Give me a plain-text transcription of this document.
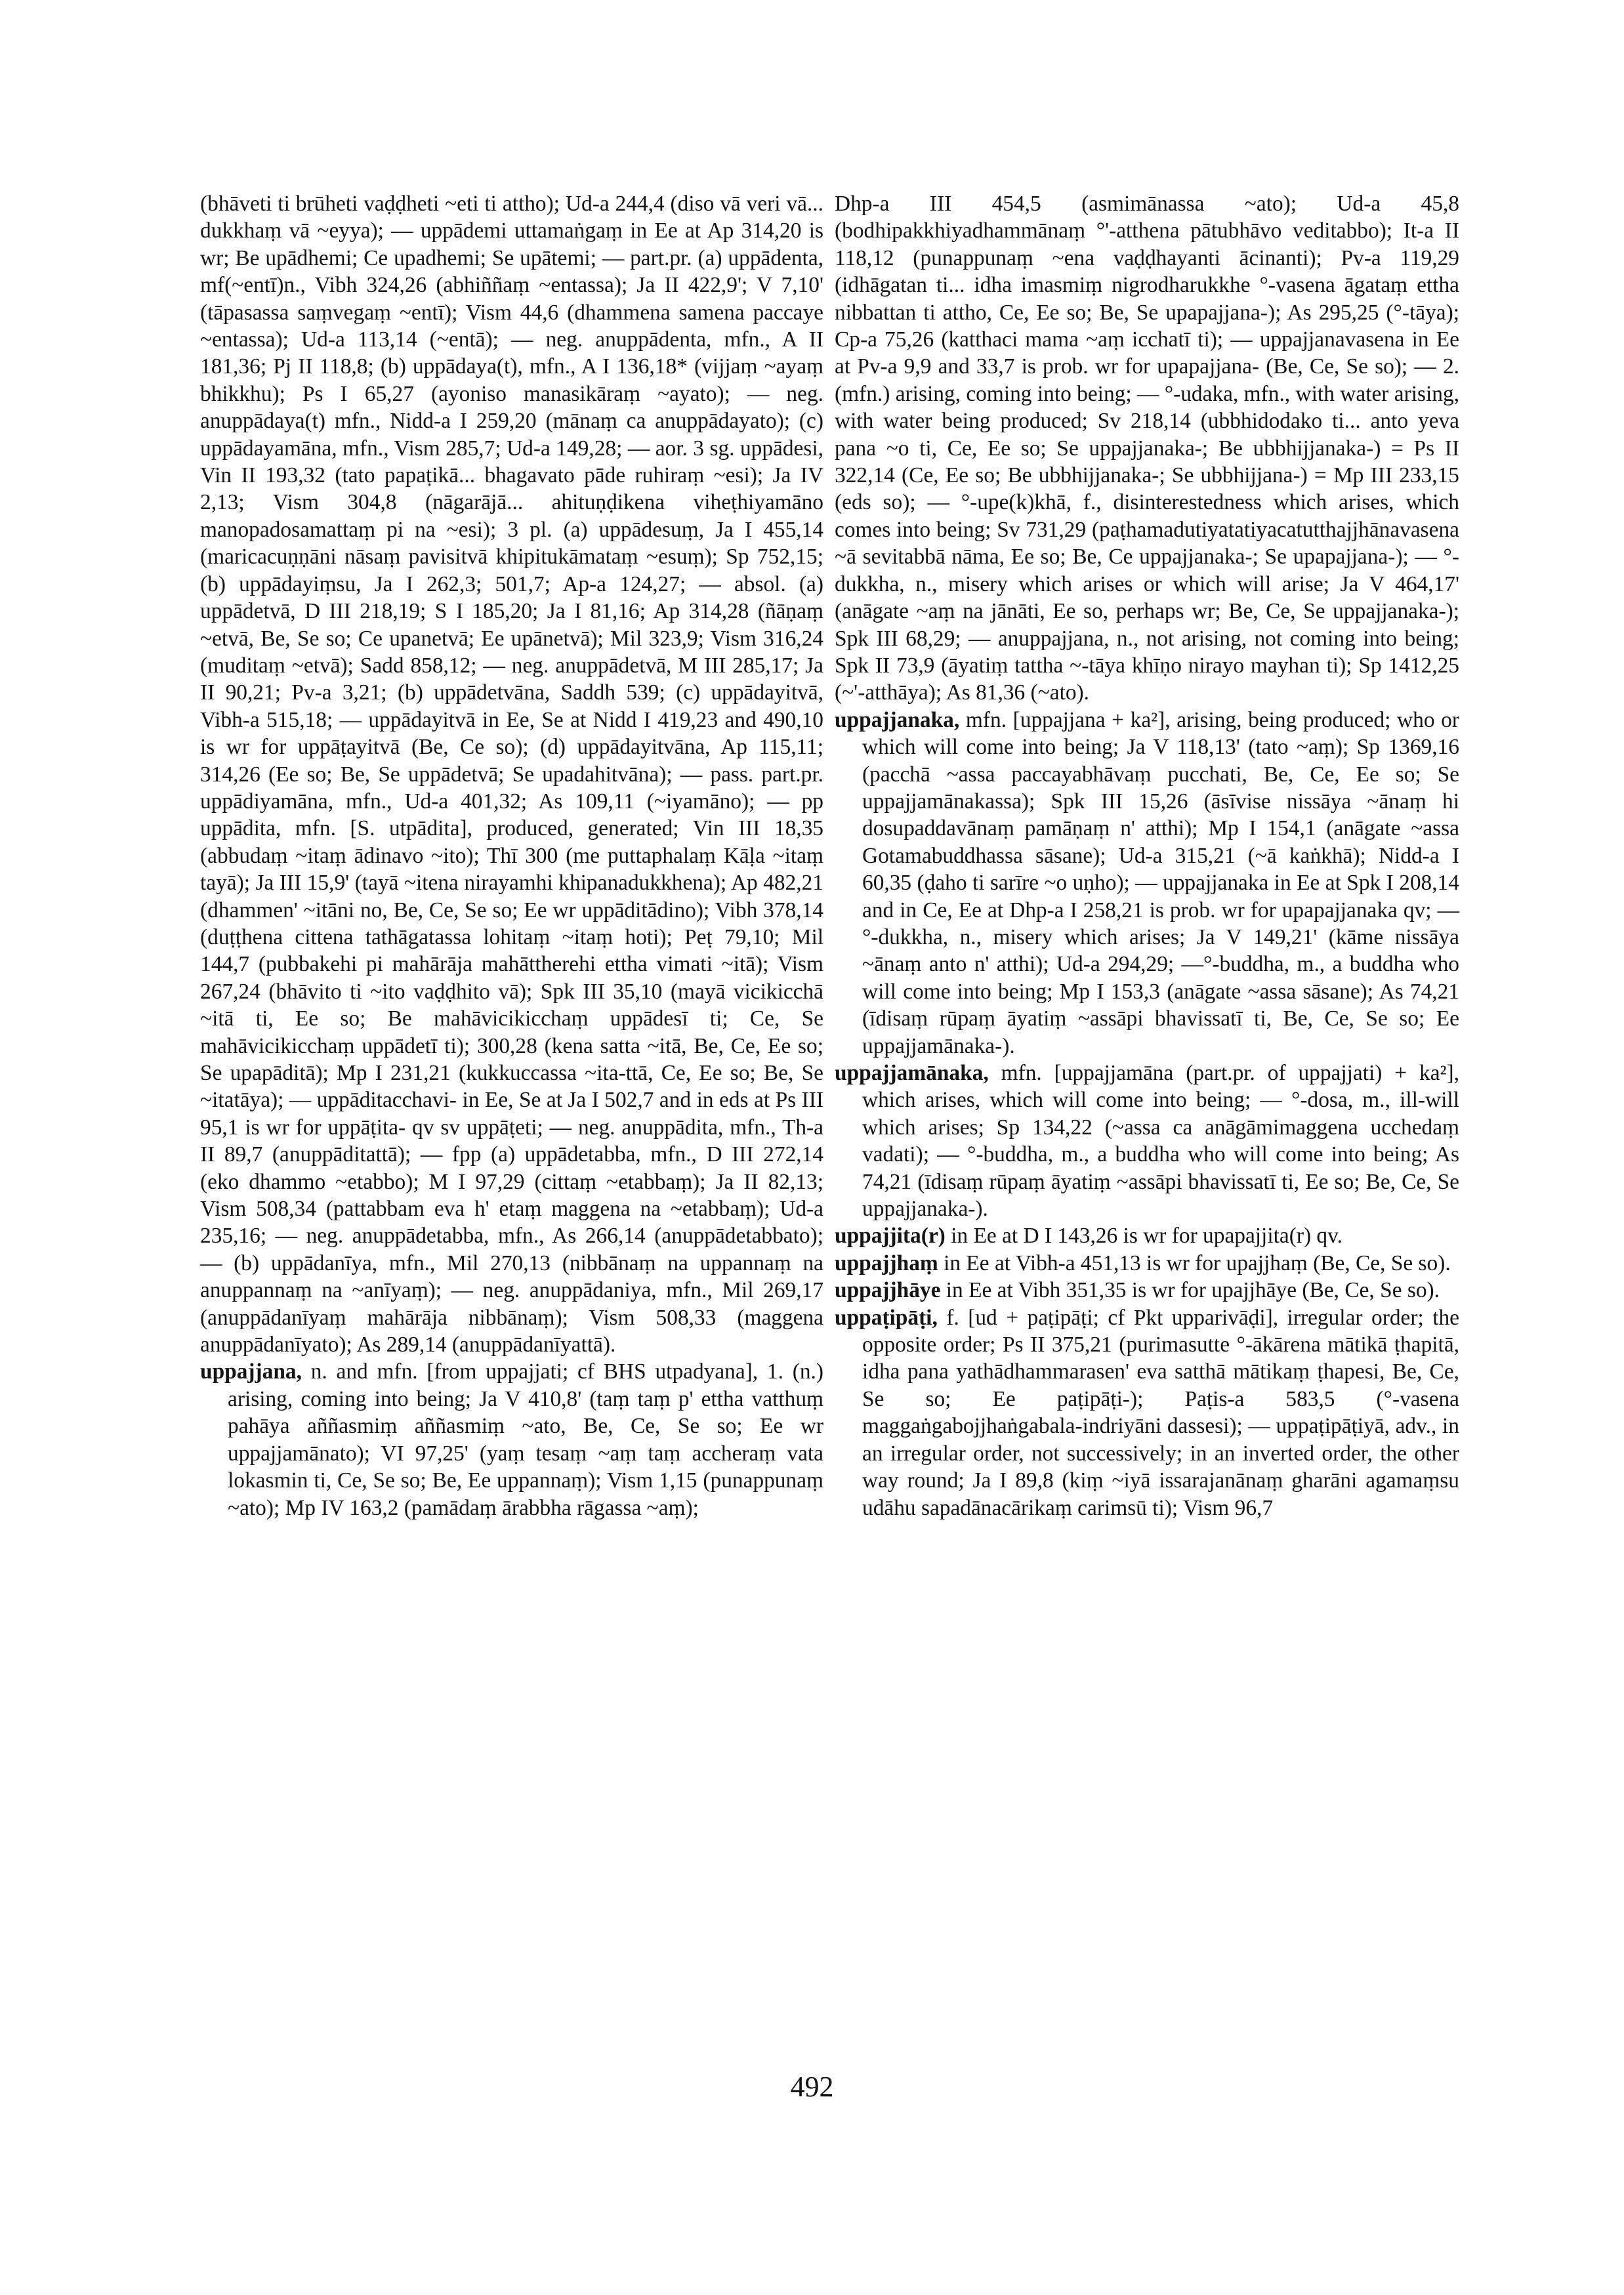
(bhāveti ti brūheti vaḍḍheti ~eti ti attho); Ud-a 244,4 (diso vā veri vā... dukkhaṃ vā ~eyya); — uppādemi uttamaṅgaṃ in Ee at Ap 314,20 is wr; Be upādhemi; Ce upadhemi; Se upātemi; — part.pr. (a) uppādenta, mf(~entī)n., Vibh 324,26 (abhiññaṃ ~entassa); Ja II 422,9'; V 7,10' (tāpasassa saṃvegaṃ ~entī); Vism 44,6 (dhammena samena paccaye ~entassa); Ud-a 113,14 (~entā); — neg. anuppādenta, mfn., A II 181,36; Pj II 118,8; (b) uppādaya(t), mfn., A I 136,18* (vijjaṃ ~ayaṃ bhikkhu); Ps I 65,27 (ayoniso manasikāraṃ ~ayato); — neg. anuppādaya(t) mfn., Nidd-a I 259,20 (mānaṃ ca anuppādayato); (c) uppādayamāna, mfn., Vism 285,7; Ud-a 149,28; — aor. 3 sg. uppādesi, Vin II 193,32 (tato papaṭikā... bhagavato pāde ruhiraṃ ~esi); Ja IV 2,13; Vism 304,8 (nāgarājā... ahituṇḍikena viheṭhiyamāno manopadosamattaṃ pi na ~esi); 3 pl. (a) uppādesuṃ, Ja I 455,14 (maricacuṇṇāni nāsaṃ pavisitvā khipitukāmataṃ ~esuṃ); Sp 752,15; (b) uppādayiṃsu, Ja I 262,3; 501,7; Ap-a 124,27; — absol. (a) uppādetvā, D III 218,19; S I 185,20; Ja I 81,16; Ap 314,28 (ñāṇaṃ ~etvā, Be, Se so; Ce upanetvā; Ee upānetvā); Mil 323,9; Vism 316,24 (muditaṃ ~etvā); Sadd 858,12; — neg. anuppādetvā, M III 285,17; Ja II 90,21; Pv-a 3,21; (b) uppādetvāna, Saddh 539; (c) uppādayitvā, Vibh-a 515,18; — uppādayitvā in Ee, Se at Nidd I 419,23 and 490,10 is wr for uppāṭayitvā (Be, Ce so); (d) uppādayitvāna, Ap 115,11; 314,26 (Ee so; Be, Se uppādetvā; Se upadahitvāna); — pass. part.pr. uppādiyamāna, mfn., Ud-a 401,32; As 109,11 (~iyamāno); — pp uppādita, mfn. [S. utpādita], produced, generated; Vin III 18,35 (abbudaṃ ~itaṃ ādinavo ~ito); Thī 300 (me puttaphalaṃ Kāḷa ~itaṃ tayā); Ja III 15,9' (tayā ~itena nirayamhi khipanadukkhena); Ap 482,21 (dhammen' ~itāni no, Be, Ce, Se so; Ee wr uppāditādino); Vibh 378,14 (duṭṭhena cittena tathāgatassa lohitaṃ ~itaṃ hoti); Peṭ 79,10; Mil 144,7 (pubbakehi pi mahārāja mahāttherehi ettha vimati ~itā); Vism 267,24 (bhāvito ti ~ito vaḍḍhito vā); Spk III 35,10 (mayā vicikicchā ~itā ti, Ee so; Be mahāvicikicchaṃ uppādesī ti; Ce, Se mahāvicikicchaṃ uppādetī ti); 300,28 (kena satta ~itā, Be, Ce, Ee so; Se upapāditā); Mp I 231,21 (kukkuccassa ~ita-ttā, Ce, Ee so; Be, Se ~itatāya); — uppāditacchavi- in Ee, Se at Ja I 502,7 and in eds at Ps III 95,1 is wr for uppāṭita- qv sv uppāṭeti; — neg. anuppādita, mfn., Th-a II 89,7 (anuppāditattā); — fpp (a) uppādetabba, mfn., D III 272,14 (eko dhammo ~etabbo); M I 97,29 (cittaṃ ~etabbaṃ); Ja II 82,13; Vism 508,34 (pattabbam eva h' etaṃ maggena na ~etabbaṃ); Ud-a 235,16; — neg. anuppādetabba, mfn., As 266,14 (anuppādetabbato); — (b) uppādanīya, mfn., Mil 270,13 (nibbānaṃ na uppannaṃ na anuppannaṃ na ~anīyaṃ); — neg. anuppādaniya, mfn., Mil 269,17 (anuppādanīyaṃ mahārāja nibbānaṃ); Vism 508,33 (maggena anuppādanīyato); As 289,14 (anuppādanīyattā).

uppajjana, n. and mfn. [from uppajjati; cf BHS utpadyana], 1. (n.) arising, coming into being; Ja V 410,8' (taṃ taṃ p' ettha vatthuṃ pahāya aññasmiṃ aññasmiṃ ~ato, Be, Ce, Se so; Ee wr uppajjamānato); VI 97,25' (yaṃ tesaṃ ~aṃ taṃ accheraṃ vata lokasmin ti, Ce, Se so; Be, Ee uppannaṃ); Vism 1,15 (punappunaṃ ~ato); Mp IV 163,2 (pamādaṃ ārabbha rāgassa ~aṃ);

Dhp-a III 454,5 (asmimānassa ~ato); Ud-a 45,8 (bodhipakkhiyadhammānaṃ °'-atthena pātubhāvo veditabbo); It-a II 118,12 (punappunaṃ ~ena vaḍḍhayanti ācinanti); Pv-a 119,29 (idhāgatan ti... idha imasmiṃ nigrodharukkhe °-vasena āgataṃ ettha nibbattan ti attho, Ce, Ee so; Be, Se upapajjana-); As 295,25 (°-tāya); Cp-a 75,26 (katthaci mama ~aṃ icchatī ti); — uppajjanavasena in Ee at Pv-a 9,9 and 33,7 is prob. wr for upapajjana- (Be, Ce, Se so); — 2. (mfn.) arising, coming into being; — °-udaka, mfn., with water arising, with water being produced; Sv 218,14 (ubbhidodako ti... anto yeva pana ~o ti, Ce, Ee so; Se uppajjanaka-; Be ubbhijjanaka-) = Ps II 322,14 (Ce, Ee so; Be ubbhijjanaka-; Se ubbhijjana-) = Mp III 233,15 (eds so); — °-upe(k)khā, f., disinterestedness which arises, which comes into being; Sv 731,29 (paṭhamadutiyatatiyacatutthajjhānavasena ~ā sevitabbā nāma, Ee so; Be, Ce uppajjanaka-; Se upapajjana-); — °-dukkha, n., misery which arises or which will arise; Ja V 464,17' (anāgate ~aṃ na jānāti, Ee so, perhaps wr; Be, Ce, Se uppajjanaka-); Spk III 68,29; — anuppajjana, n., not arising, not coming into being; Spk II 73,9 (āyatiṃ tattha ~-tāya khīṇo nirayo mayhan ti); Sp 1412,25 (~'-atthāya); As 81,36 (~ato).

uppajjanaka, mfn. [uppajjana + ka²], arising, being produced; who or which will come into being; Ja V 118,13' (tato ~aṃ); Sp 1369,16 (pacchā ~assa paccayabhāvaṃ pucchati, Be, Ce, Ee so; Se uppajjamānakassa); Spk III 15,26 (āsīvise nissāya ~ānaṃ hi dosupaddavānaṃ pamāṇaṃ n' atthi); Mp I 154,1 (anāgate ~assa Gotamabuddhassa sāsane); Ud-a 315,21 (~ā kaṅkhā); Nidd-a I 60,35 (ḍaho ti sarīre ~o uṇho); — uppajjanaka in Ee at Spk I 208,14 and in Ce, Ee at Dhp-a I 258,21 is prob. wr for upapajjanaka qv; — °-dukkha, n., misery which arises; Ja V 149,21' (kāme nissāya ~ānaṃ anto n' atthi); Ud-a 294,29; —°-buddha, m., a buddha who will come into being; Mp I 153,3 (anāgate ~assa sāsane); As 74,21 (īdisaṃ rūpaṃ āyatiṃ ~assāpi bhavissatī ti, Be, Ce, Se so; Ee uppajjamānaka-).

uppajjamānaka, mfn. [uppajjamāna (part.pr. of uppajjati) + ka²], which arises, which will come into being; — °-dosa, m., ill-will which arises; Sp 134,22 (~assa ca anāgāmimaggena ucchedaṃ vadati); — °-buddha, m., a buddha who will come into being; As 74,21 (īdisaṃ rūpaṃ āyatiṃ ~assāpi bhavissatī ti, Ee so; Be, Ce, Se uppajjanaka-).

uppajjita(r) in Ee at D I 143,26 is wr for upapajjita(r) qv.

uppajjhaṃ in Ee at Vibh-a 451,13 is wr for upajjhaṃ (Be, Ce, Se so).

uppajjhāye in Ee at Vibh 351,35 is wr for upajjhāye (Be, Ce, Se so).

uppaṭipāṭi, f. [ud + paṭipāṭi; cf Pkt upparivāḍi], irregular order; the opposite order; Ps II 375,21 (purimasutte °-ākārena mātikā ṭhapitā, idha pana yathādhammarasen' eva satthā mātikaṃ ṭhapesi, Be, Ce, Se so; Ee paṭipāṭi-); Paṭis-a 583,5 (°-vasena maggaṅgabojjhaṅgabala-indriyāni dassesi); — uppaṭipāṭiyā, adv., in an irregular order, not successively; in an inverted order, the other way round; Ja I 89,8 (kiṃ ~iyā issarajanānaṃ gharāni agamaṃsu udāhu sapadānacārikaṃ carimsū ti); Vism 96,7

492
